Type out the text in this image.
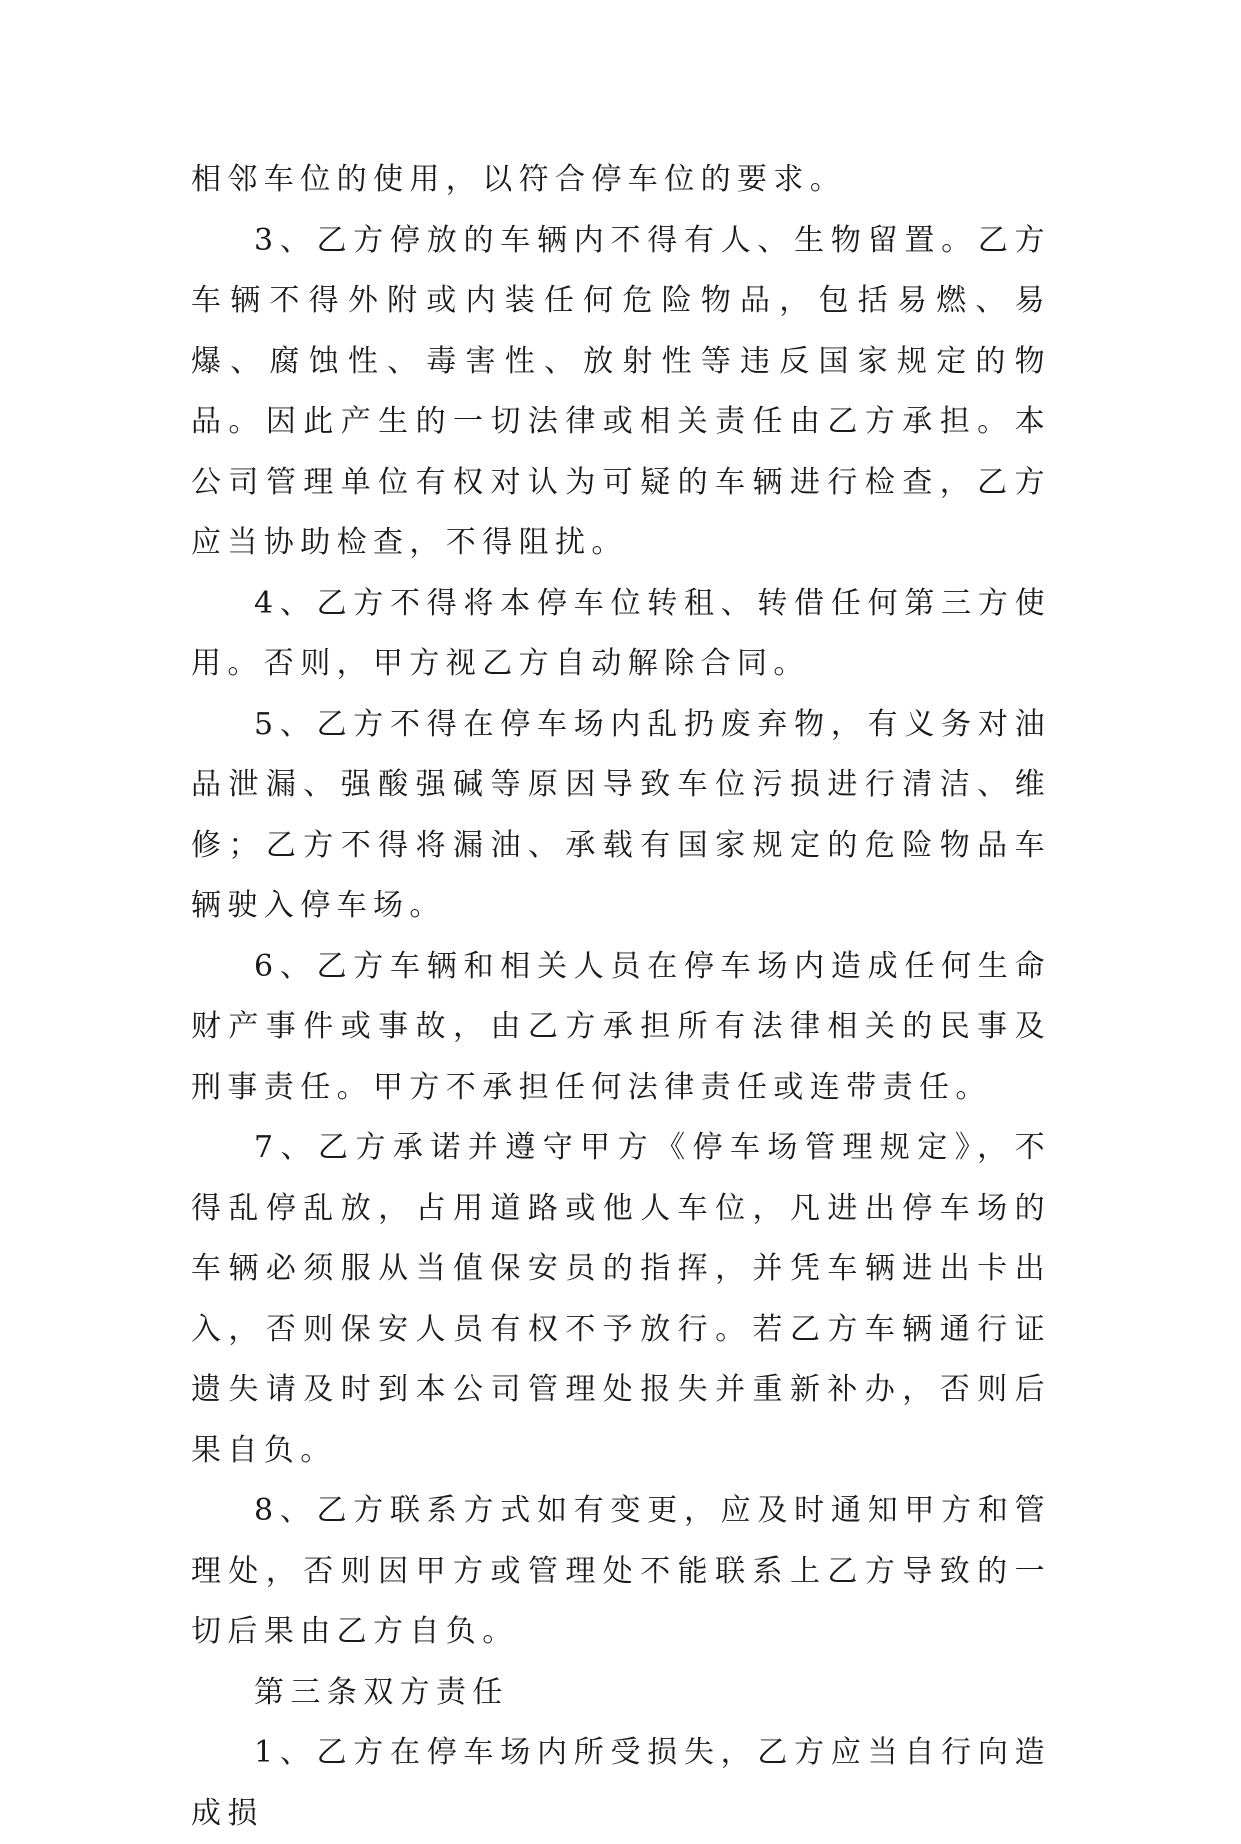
相邻车位的使用，以符合停车位的要求。

3、乙方停放的车辆内不得有人、生物留置。乙方车辆不得外附或内装任何危险物品，包括易燃、易爆、腐蚀性、毒害性、放射性等违反国家规定的物品。因此产生的一切法律或相关责任由乙方承担。本公司管理单位有权对认为可疑的车辆进行检查，乙方应当协助检查，不得阻扰。

4、乙方不得将本停车位转租、转借任何第三方使用。否则，甲方视乙方自动解除合同。

5、乙方不得在停车场内乱扔废弃物，有义务对油品泄漏、强酸强碱等原因导致车位污损进行清洁、维修；乙方不得将漏油、承载有国家规定的危险物品车辆驶入停车场。

6、乙方车辆和相关人员在停车场内造成任何生命财产事件或事故，由乙方承担所有法律相关的民事及刑事责任。甲方不承担任何法律责任或连带责任。

7、乙方承诺并遵守甲方《停车场管理规定》，不得乱停乱放，占用道路或他人车位，凡进出停车场的车辆必须服从当值保安员的指挥，并凭车辆进出卡出入，否则保安人员有权不予放行。若乙方车辆通行证遗失请及时到本公司管理处报失并重新补办，否则后果自负。

8、乙方联系方式如有变更，应及时通知甲方和管理处，否则因甲方或管理处不能联系上乙方导致的一切后果由乙方自负。

第三条双方责任

1、乙方在停车场内所受损失，乙方应当自行向造成损
